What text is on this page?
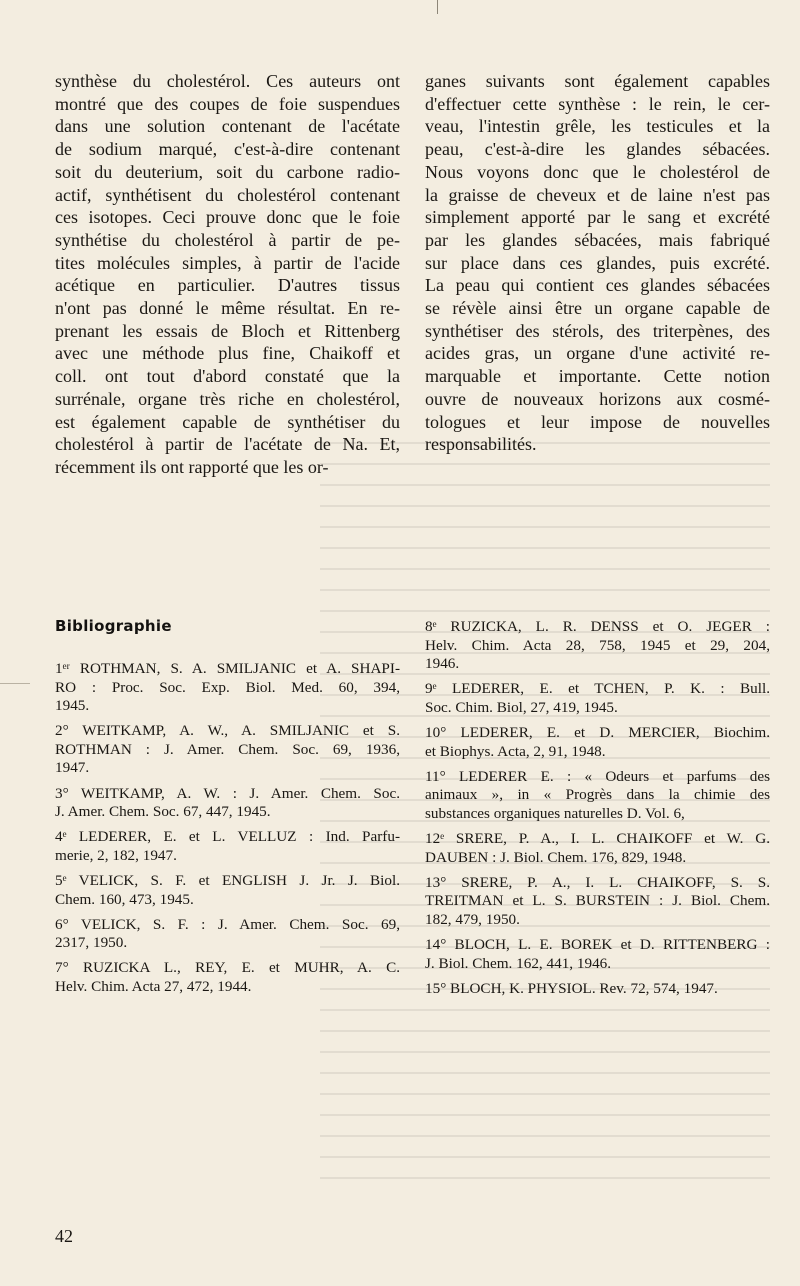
synthèse du cholestérol. Ces auteurs ont
montré que des coupes de foie suspendues
dans une solution contenant de l'acétate
de sodium marqué, c'est-à-dire contenant
soit du deuterium, soit du carbone radio-
actif, synthétisent du cholestérol contenant
ces isotopes. Ceci prouve donc que le foie
synthétise du cholestérol à partir de pe-
tites molécules simples, à partir de l'acide
acétique en particulier. D'autres tissus
n'ont pas donné le même résultat. En re-
prenant les essais de Bloch et Rittenberg
avec une méthode plus fine, Chaikoff et
coll. ont tout d'abord constaté que la
surrénale, organe très riche en cholestérol,
est également capable de synthétiser du
cholestérol à partir de l'acétate de Na. Et,
récemment ils ont rapporté que les or-

ganes suivants sont également capables
d'effectuer cette synthèse : le rein, le cer-
veau, l'intestin grêle, les testicules et la
peau, c'est-à-dire les glandes sébacées.
Nous voyons donc que le cholestérol de
la graisse de cheveux et de laine n'est pas
simplement apporté par le sang et excrété
par les glandes sébacées, mais fabriqué
sur place dans ces glandes, puis excrété.
La peau qui contient ces glandes sébacées
se révèle ainsi être un organe capable de
synthétiser des stérols, des triterpènes, des
acides gras, un organe d'une activité re-
marquable et importante. Cette notion
ouvre de nouveaux horizons aux cosmé-
tologues et leur impose de nouvelles
responsabilités.

Bibliographie
1ᵉʳ ROTHMAN, S. A. SMILJANIC et A. SHAPI-
RO : Proc. Soc. Exp. Biol. Med. 60, 394,
1945.
2° WEITKAMP, A. W., A. SMILJANIC et S.
ROTHMAN : J. Amer. Chem. Soc. 69, 1936,
1947.
3° WEITKAMP, A. W. : J. Amer. Chem. Soc.
J. Amer. Chem. Soc. 67, 447, 1945.
4ᵉ LEDERER, E. et L. VELLUZ : Ind. Parfu-
merie, 2, 182, 1947.
5ᵉ VELICK, S. F. et ENGLISH J. Jr. J. Biol.
Chem. 160, 473, 1945.
6° VELICK, S. F. : J. Amer. Chem. Soc. 69,
2317, 1950.
7° RUZICKA L., REY, E. et MUHR, A. C.
Helv. Chim. Acta 27, 472, 1944.
8ᵉ RUZICKA, L. R. DENSS et O. JEGER :
Helv. Chim. Acta 28, 758, 1945 et 29, 204,
1946.
9ᵉ LEDERER, E. et TCHEN, P. K. : Bull.
Soc. Chim. Biol, 27, 419, 1945.
10° LEDERER, E. et D. MERCIER, Biochim.
et Biophys. Acta, 2, 91, 1948.
11° LEDERER E. : « Odeurs et parfums des
animaux », in « Progrès dans la chimie des
substances organiques naturelles D. Vol. 6,
12ᵉ SRERE, P. A., I. L. CHAIKOFF et W. G.
DAUBEN : J. Biol. Chem. 176, 829, 1948.
13° SRERE, P. A., I. L. CHAIKOFF, S. S.
TREITMAN et L. S. BURSTEIN : J. Biol. Chem.
182, 479, 1950.
14° BLOCH, L. E. BOREK et D. RITTENBERG :
J. Biol. Chem. 162, 441, 1946.
15° BLOCH, K. PHYSIOL. Rev. 72, 574, 1947.
42
